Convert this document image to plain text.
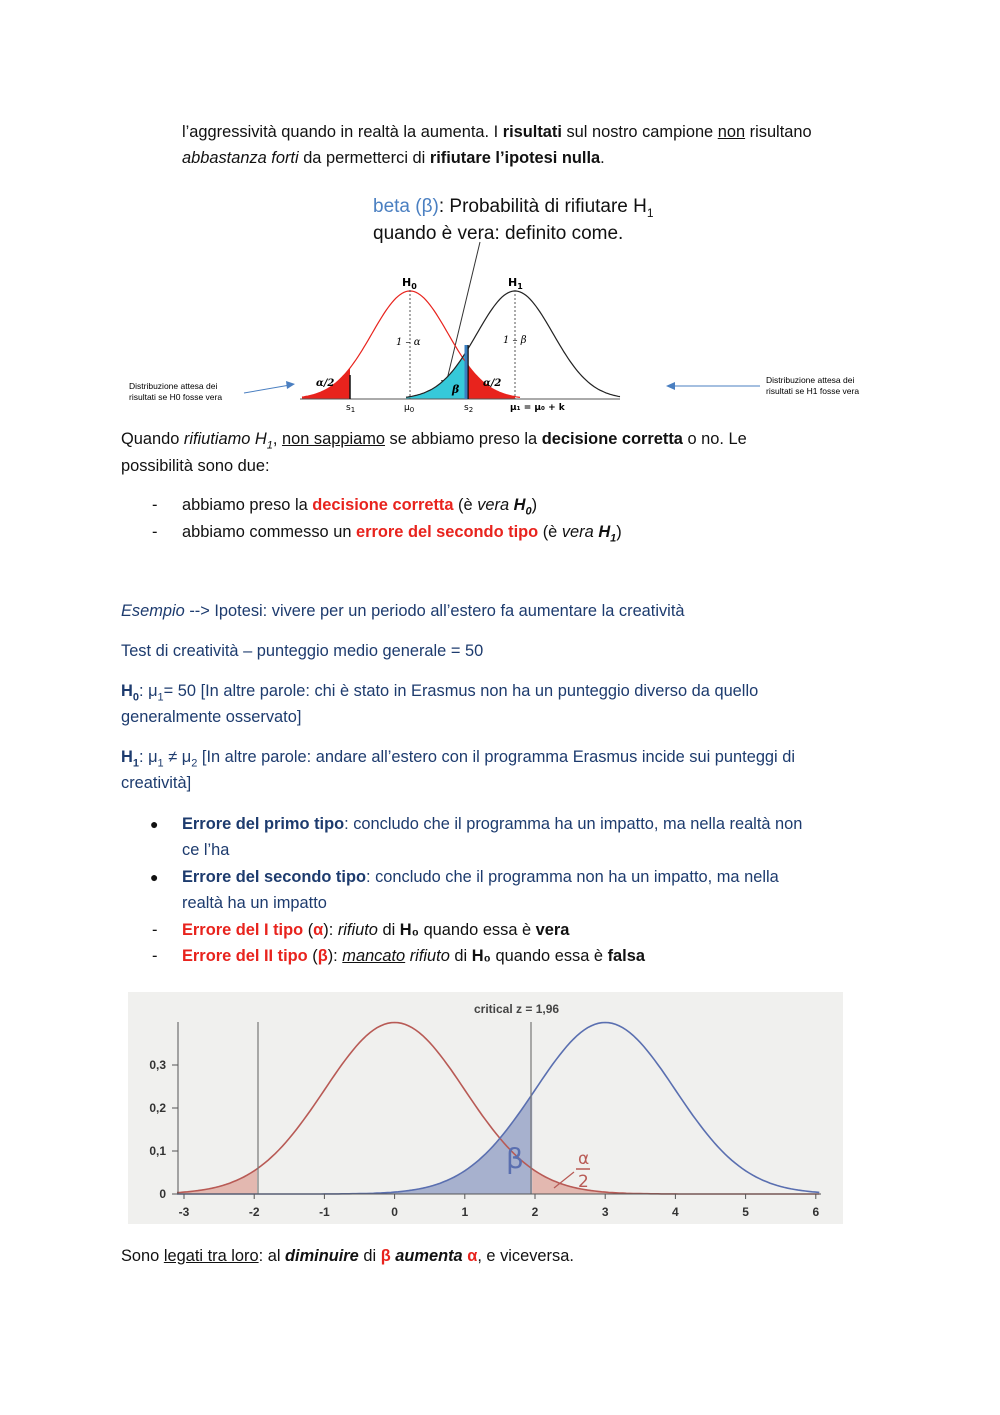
l’aggressività quando in realtà la aumenta. I risultati sul nostro campione non risultano
abbastanza forti da permetterci di rifiutare l’ipotesi nulla.
beta (β): Probabilità di rifiutare $H_1$
quando è vera: definito come.
$H_0$	$H_1$
1 – α	1 – β
α/2	α/2
β
$s_1$	$\mu_0$	$s_2$	μ₁ = μ₀ + k
Distribuzione attesa dei
risultati se H0 fosse vera
Distribuzione attesa dei
risultati se H1 fosse vera
Quando rifiutiamo $H_1$, non sappiamo se abbiamo preso la decisione corretta o no. Le
possibilità sono due:
- abbiamo preso la decisione corretta (è vera $H_0$)
- abbiamo commesso un errore del secondo tipo (è vera $H_1$)
Esempio --> Ipotesi: vivere per un periodo all’estero fa aumentare la creatività
Test di creatività – punteggio medio generale = 50
$H_0$: $\mu_1= 50$ [In altre parole: chi è stato in Erasmus non ha un punteggio diverso da quello
generalmente osservato]
$H_1$: $\mu_1 \ne \mu_2$ [In altre parole: andare all’estero con il programma Erasmus incide sui punteggi di
creatività]
● Errore del primo tipo: concludo che il programma ha un impatto, ma nella realtà non
ce l’ha
● Errore del secondo tipo: concludo che il programma non ha un impatto, ma nella
realtà ha un impatto
- Errore del I tipo (α): rifiuto di H₀ quando essa è vera
- Errore del II tipo (β): mancato rifiuto di H₀ quando essa è falsa
critical z = 1,96
0,3
0,2
0,1
0
-3	-2	-1	0	1	2	3	4	5	6
β	α
2
Sono legati tra loro: al diminuire di β aumenta α, e viceversa.
